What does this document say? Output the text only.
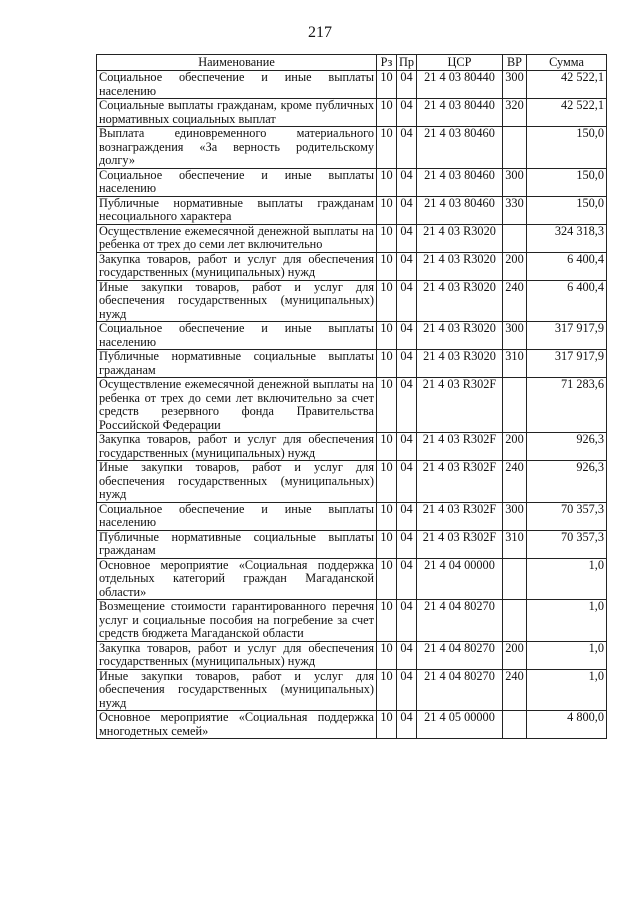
217
Наименование	Рз	Пр	ЦСР	ВР	Сумма
Социальное обеспечение и иные выплаты населению	10	04	21 4 03 80440	300	42 522,1
Социальные выплаты гражданам, кроме публичных нормативных социальных выплат	10	04	21 4 03 80440	320	42 522,1
Выплата единовременного материального вознаграждения «За верность родительскому долгу»	10	04	21 4 03 80460		150,0
Социальное обеспечение и иные выплаты населению	10	04	21 4 03 80460	300	150,0
Публичные нормативные выплаты гражданам несоциального характера	10	04	21 4 03 80460	330	150,0
Осуществление ежемесячной денежной выплаты на ребенка от трех до семи лет включительно	10	04	21 4 03 R3020		324 318,3
Закупка товаров, работ и услуг для обеспечения государственных (муниципальных) нужд	10	04	21 4 03 R3020	200	6 400,4
Иные закупки товаров, работ и услуг для обеспечения государственных (муниципальных) нужд	10	04	21 4 03 R3020	240	6 400,4
Социальное обеспечение и иные выплаты населению	10	04	21 4 03 R3020	300	317 917,9
Публичные нормативные социальные выплаты гражданам	10	04	21 4 03 R3020	310	317 917,9
Осуществление ежемесячной денежной выплаты на ребенка от трех до семи лет включительно за счет средств резервного фонда Правительства Российской Федерации	10	04	21 4 03 R302F		71 283,6
Закупка товаров, работ и услуг для обеспечения государственных (муниципальных) нужд	10	04	21 4 03 R302F	200	926,3
Иные закупки товаров, работ и услуг для обеспечения государственных (муниципальных) нужд	10	04	21 4 03 R302F	240	926,3
Социальное обеспечение и иные выплаты населению	10	04	21 4 03 R302F	300	70 357,3
Публичные нормативные социальные выплаты гражданам	10	04	21 4 03 R302F	310	70 357,3
Основное мероприятие «Социальная поддержка отдельных категорий граждан Магаданской области»	10	04	21 4 04 00000		1,0
Возмещение стоимости гарантированного перечня услуг и социальные пособия на погребение за счет средств бюджета Магаданской области	10	04	21 4 04 80270		1,0
Закупка товаров, работ и услуг для обеспечения государственных (муниципальных) нужд	10	04	21 4 04 80270	200	1,0
Иные закупки товаров, работ и услуг для обеспечения государственных (муниципальных) нужд	10	04	21 4 04 80270	240	1,0
Основное мероприятие «Социальная поддержка многодетных семей»	10	04	21 4 05 00000		4 800,0
